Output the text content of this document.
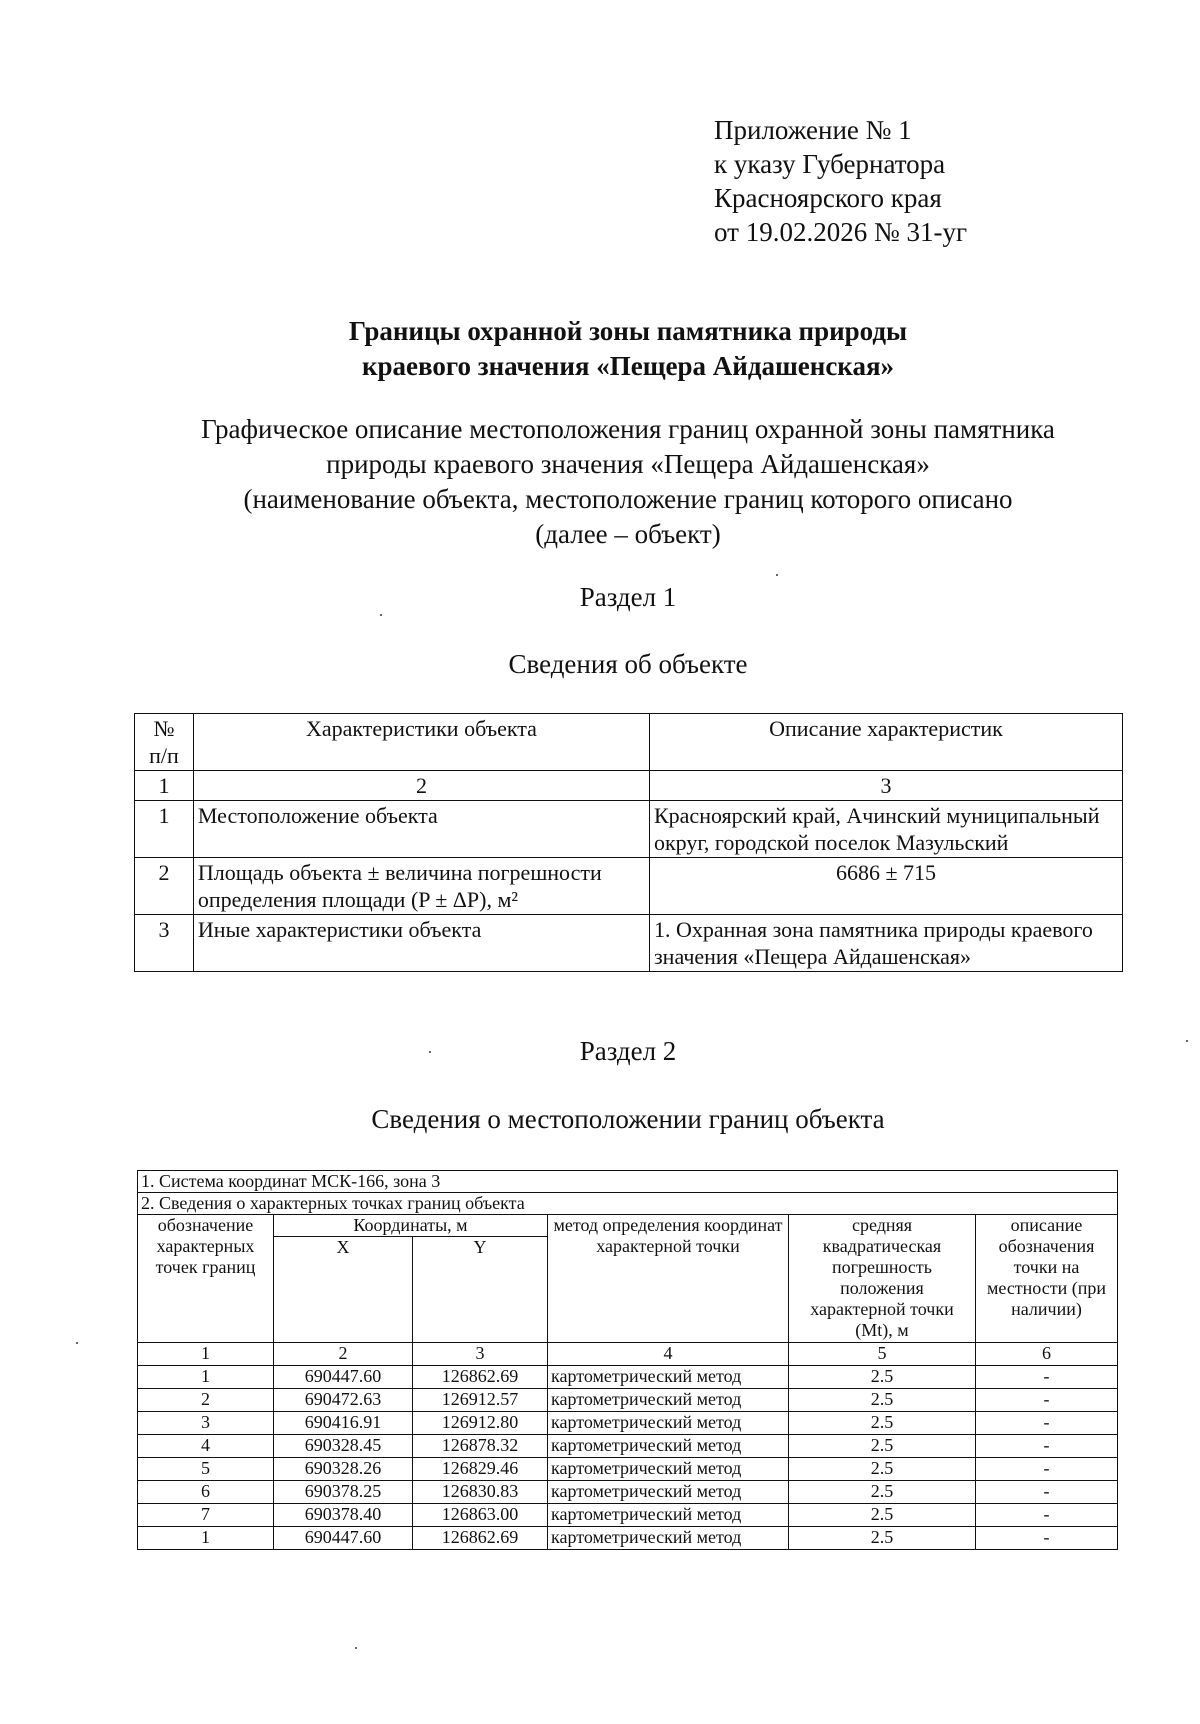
Приложение № 1
к указу Губернатора
Красноярского края
от 19.02.2026 № 31-уг
Границы охранной зоны памятника природы
краевого значения «Пещера Айдашенская»
Графическое описание местоположения границ охранной зоны памятника
природы краевого значения «Пещера Айдашенская»
(наименование объекта, местоположение границ которого описано
(далее – объект)
Раздел 1
Сведения об объекте
№
п/п	Характеристики объекта	Описание характеристик
1	2	3
1	Местоположение объекта	Красноярский край, Ачинский муниципальный округ, городской поселок Мазульский
2	Площадь объекта ± величина погрешности определения площади (P ± ΔP), м²	6686 ± 715
3	Иные характеристики объекта	1. Охранная зона памятника природы краевого значения «Пещера Айдашенская»
Раздел 2
Сведения о местоположении границ объекта
1. Система координат МСК-166, зона 3					
2. Сведения о характерных точках границ объекта					
обозначение характерных точек границ	Координаты, м		метод определения координат характерной точки	средняя квадратическая погрешность положения характерной точки (Mt), м	описание обозначения точки на местности (при наличии)
	X	Y			
1	2	3	4	5	6
1	690447.60	126862.69	картометрический метод	2.5	-
2	690472.63	126912.57	картометрический метод	2.5	-
3	690416.91	126912.80	картометрический метод	2.5	-
4	690328.45	126878.32	картометрический метод	2.5	-
5	690328.26	126829.46	картометрический метод	2.5	-
6	690378.25	126830.83	картометрический метод	2.5	-
7	690378.40	126863.00	картометрический метод	2.5	-
1	690447.60	126862.69	картометрический метод	2.5	-
